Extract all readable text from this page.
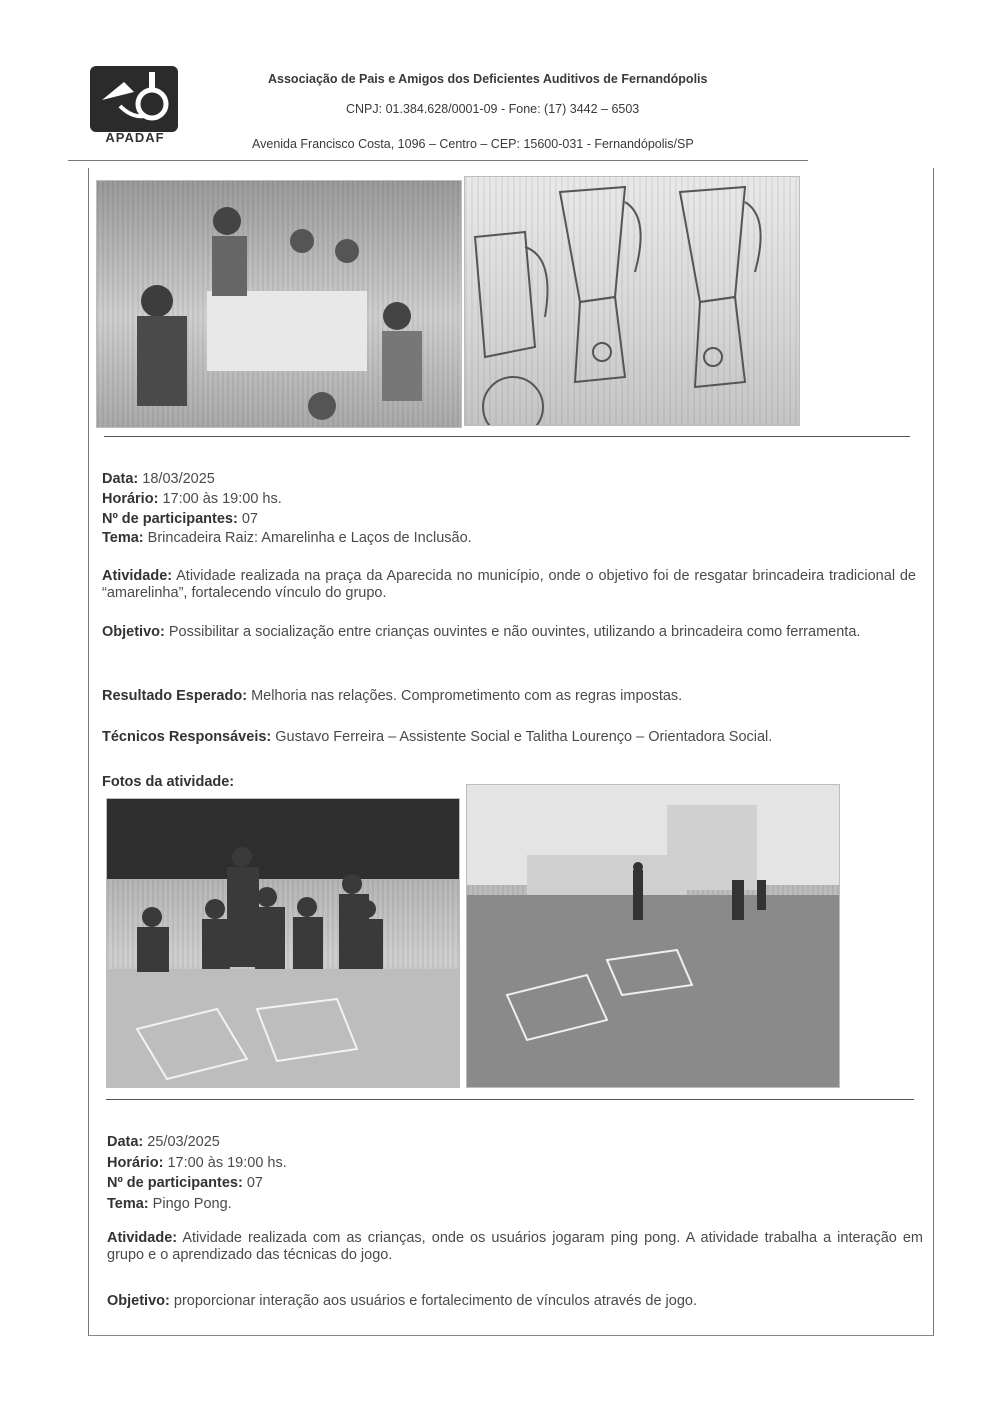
APADAF
Associação de Pais e Amigos dos Deficientes Auditivos de Fernandópolis
CNPJ: 01.384.628/0001-09 - Fone: (17) 3442 – 6503
Avenida Francisco Costa, 1096 – Centro – CEP: 15600-031 - Fernandópolis/SP
Data: 18/03/2025
Horário: 17:00 às 19:00 hs.
Nº de participantes: 07
Tema: Brincadeira Raiz: Amarelinha e Laços de Inclusão.
Atividade: Atividade realizada na praça da Aparecida no município, onde o objetivo foi de resgatar brincadeira tradicional de “amarelinha”, fortalecendo vínculo do grupo.
Objetivo: Possibilitar a socialização entre crianças ouvintes e não ouvintes, utilizando a brincadeira como ferramenta.
Resultado Esperado: Melhoria nas relações. Comprometimento com as regras impostas.
Técnicos Responsáveis: Gustavo Ferreira – Assistente Social e Talitha Lourenço – Orientadora Social.
Fotos da atividade:
Data: 25/03/2025
Horário: 17:00 às 19:00 hs.
Nº de participantes: 07
Tema: Pingo Pong.
Atividade: Atividade realizada com as crianças, onde os usuários jogaram ping pong. A atividade trabalha a interação em grupo e o aprendizado das técnicas do jogo.
Objetivo: proporcionar interação aos usuários e fortalecimento de vínculos através de jogo.
